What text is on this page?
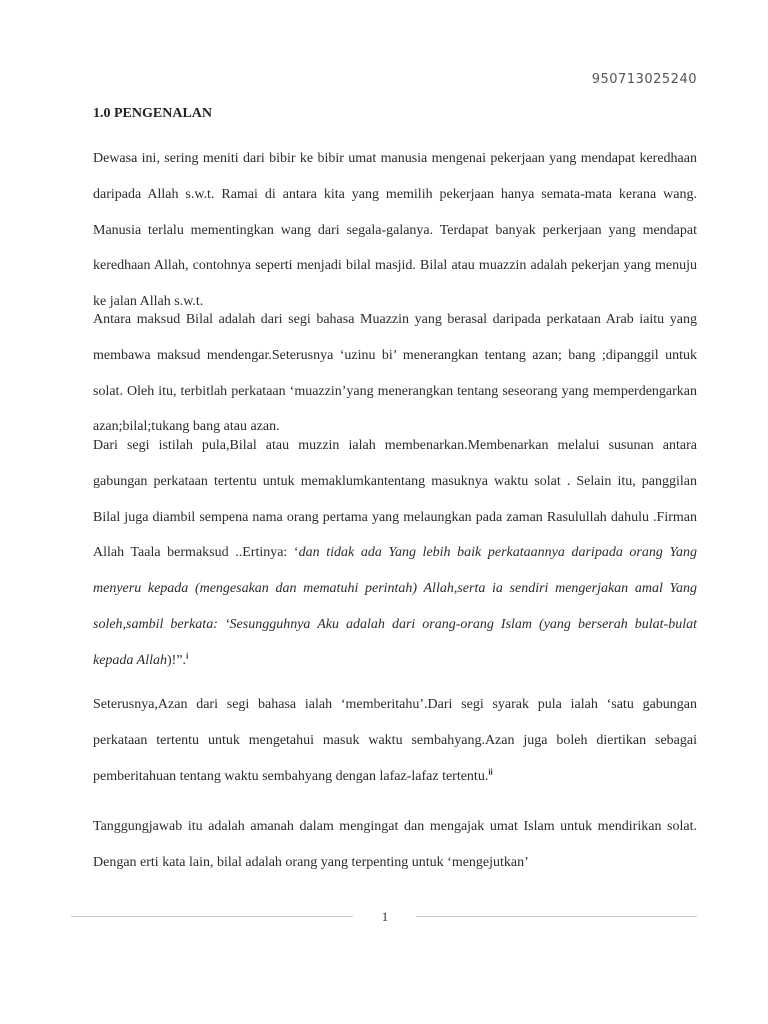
950713025240
1.0 PENGENALAN

Dewasa ini, sering meniti dari bibir ke bibir umat manusia mengenai pekerjaan yang mendapat keredhaan daripada Allah s.w.t. Ramai di antara kita yang memilih pekerjaan hanya semata-mata kerana wang. Manusia terlalu mementingkan wang dari segala-galanya. Terdapat banyak perkerjaan yang mendapat keredhaan Allah, contohnya seperti menjadi bilal masjid. Bilal atau muazzin adalah pekerjan yang menuju ke jalan Allah s.w.t.

Antara maksud Bilal adalah dari segi bahasa Muazzin yang berasal daripada perkataan Arab iaitu yang membawa maksud mendengar.Seterusnya ‘uzinu bi’ menerangkan tentang azan; bang ;dipanggil untuk solat. Oleh itu, terbitlah perkataan ‘muazzin’yang menerangkan tentang seseorang yang memperdengarkan azan;bilal;tukang bang atau azan.

Dari segi istilah pula,Bilal atau muzzin ialah membenarkan.Membenarkan melalui susunan antara gabungan perkataan tertentu untuk memaklumkantentang masuknya waktu solat . Selain itu, panggilan Bilal juga diambil sempena nama orang pertama yang melaungkan pada zaman Rasulullah dahulu .Firman Allah Taala bermaksud ..Ertinya: ‘dan tidak ada Yang lebih baik perkataannya daripada orang Yang menyeru kepada (mengesakan dan mematuhi perintah) Allah,serta ia sendiri mengerjakan amal Yang soleh,sambil berkata: ‘Sesungguhnya Aku adalah dari orang-orang Islam (yang berserah bulat-bulat kepada Allah)!”.$^i$

Seterusnya,Azan dari segi bahasa ialah ‘memberitahu’.Dari segi syarak pula ialah ‘satu gabungan perkataan tertentu untuk mengetahui masuk waktu sembahyang.Azan juga boleh diertikan sebagai pemberitahuan tentang waktu sembahyang dengan lafaz-lafaz tertentu.$^{ii}$

Tanggungjawab itu adalah amanah dalam mengingat dan mengajak umat Islam untuk mendirikan solat. Dengan erti kata lain, bilal adalah orang yang terpenting untuk ‘mengejutkan’

1
